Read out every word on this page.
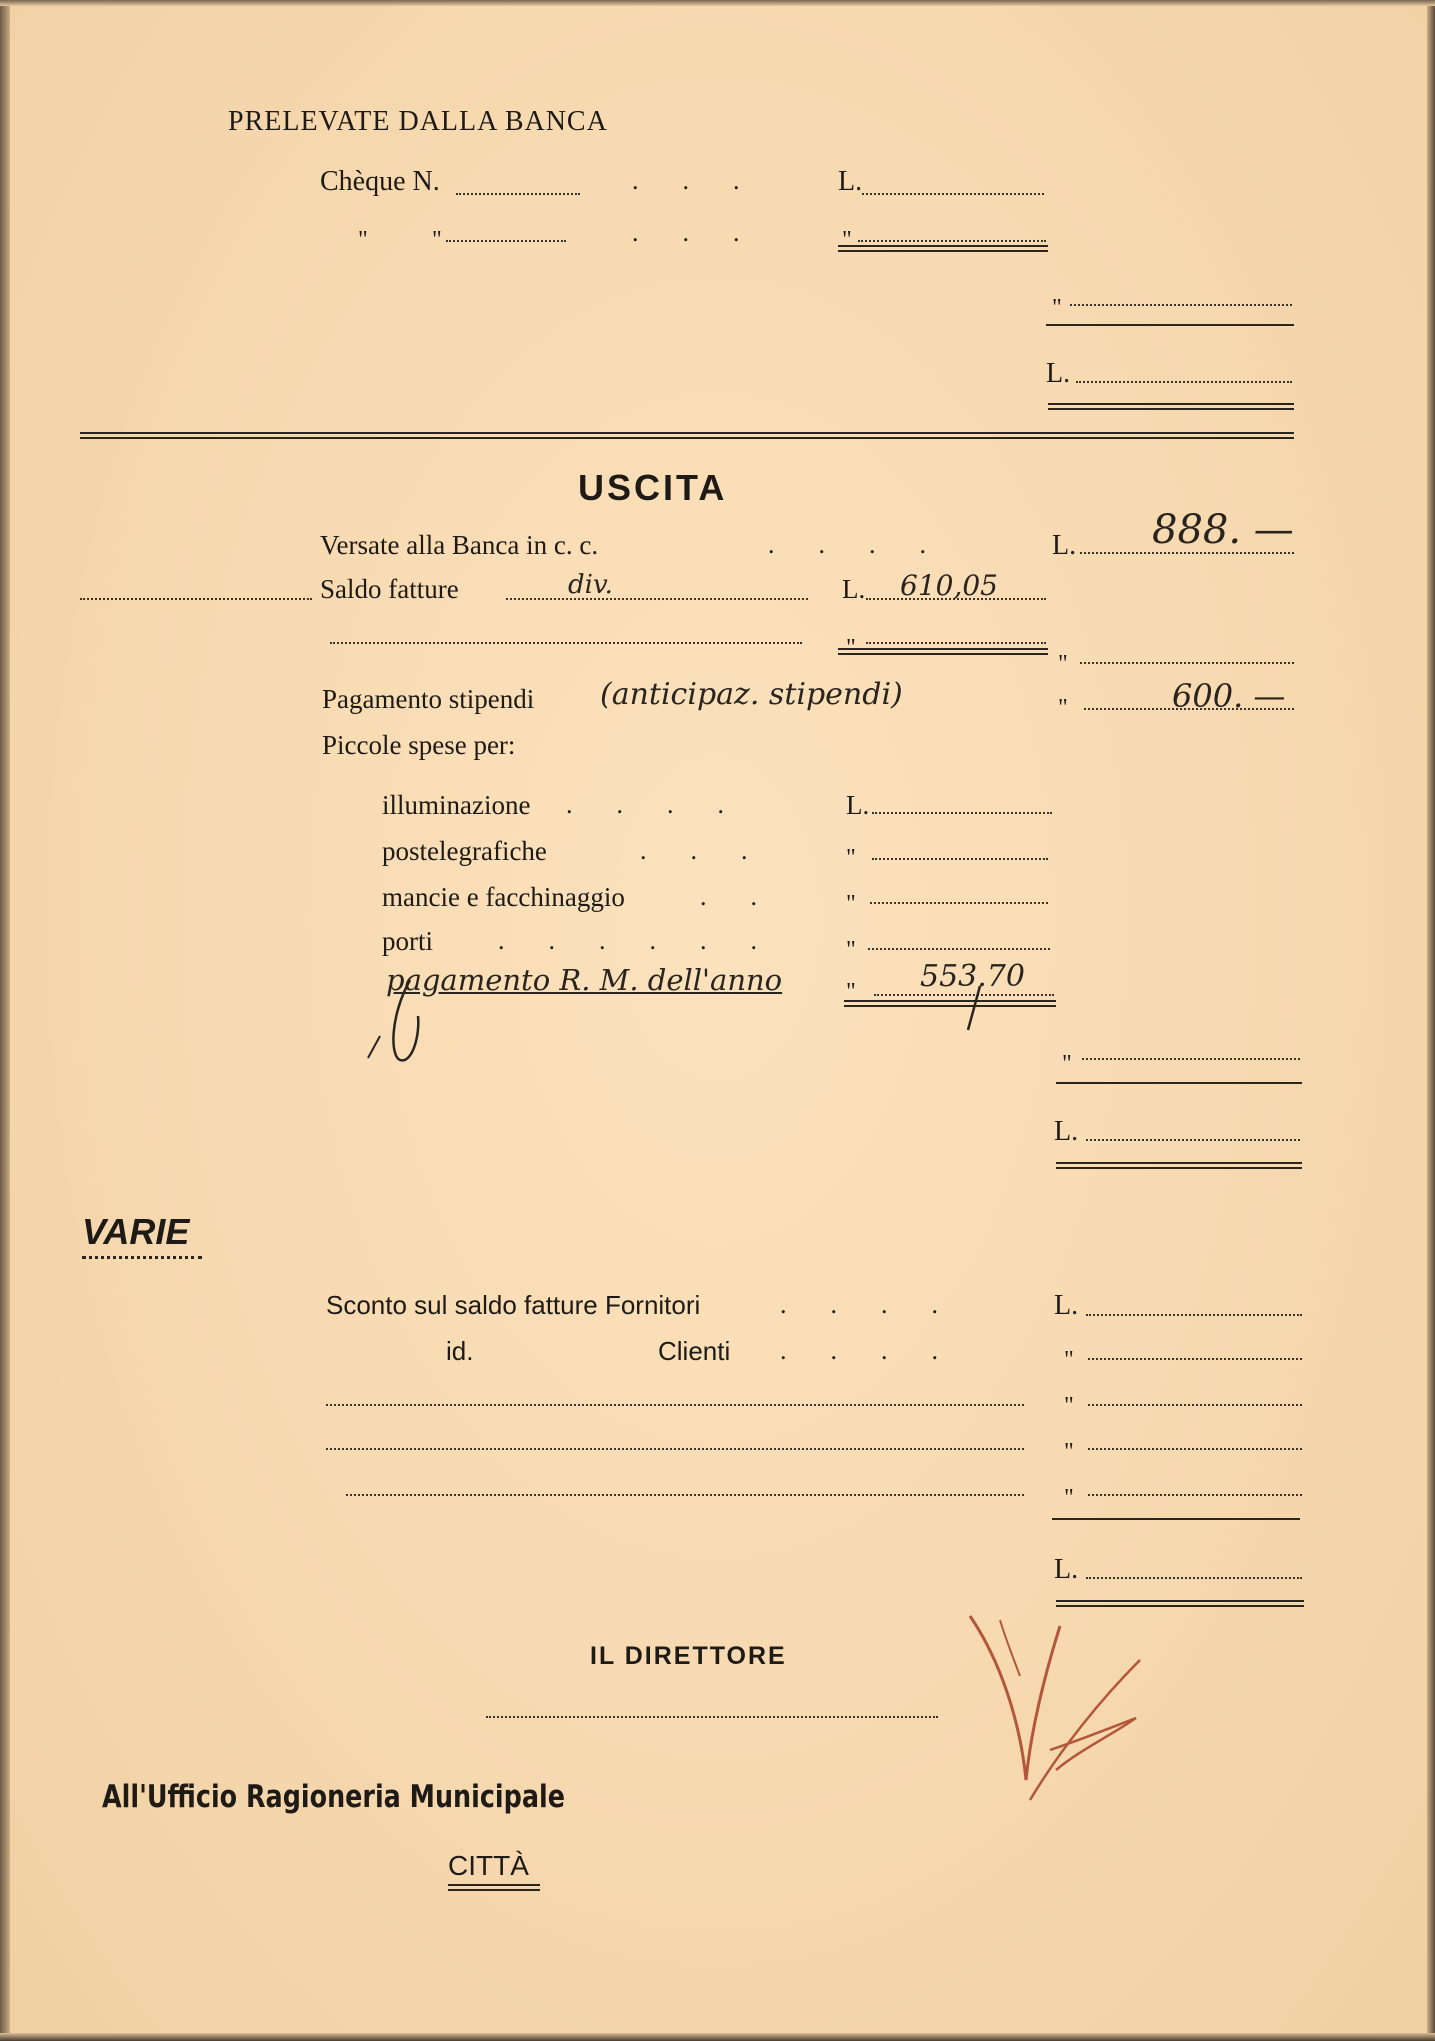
PRELEVATE DALLA BANCA
Chèque N.	... L.
"	"	... "
"
L.
USCITA
Versate alla Banca in c. c.	....	L. 888. —
Saldo fatture	div.	L. 610,05
"
"
Pagamento stipendi (anticipaz. stipendi)	"	600. —
Piccole spese per:
illuminazione ....	L.
postelegrafiche	... "
mancie e facchinaggio	.. "
porti	...... "
pagamento R. M. dell'anno	" 553.70
"
L.
VARIE
Sconto sul saldo fatture Fornitori	....	L.
id.	Clienti ....	"
"
"
"
L.
IL DIRETTORE
All'Ufficio Ragioneria Municipale
CITTÀ
